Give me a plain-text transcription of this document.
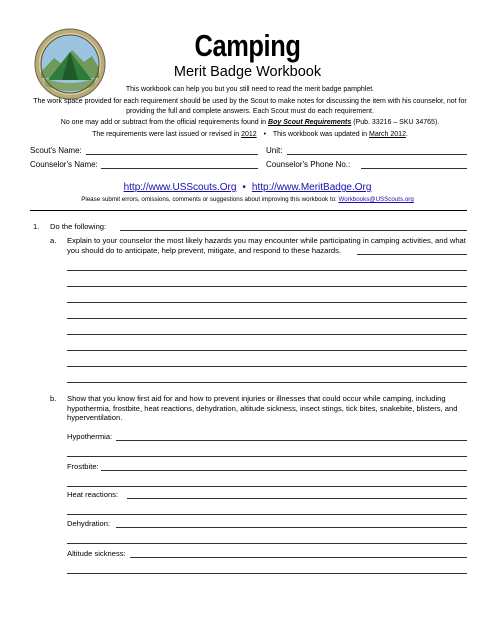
Camping
Merit Badge Workbook
This workbook can help you but you still need to read the merit badge pamphlet.
The work space provided for each requirement should be used by the Scout to make notes for discussing the item with his counselor, not for
providing the full and complete answers. Each Scout must do each requirement.
No one may add or subtract from the official requirements found in Boy Scout Requirements (Pub. 33216 – SKU 34765).
The requirements were last issued or revised in 2012 • This workbook was updated in March 2012.
Scout's Name:	Unit:
Counselor's Name:	Counselor's Phone No.:
http://www.USScouts.Org • http://www.MeritBadge.Org
Please submit errors, omissions, comments or suggestions about improving this workbook to: Workbooks@USScouts.org
1. Do the following:
a. Explain to your counselor the most likely hazards you may encounter while participating in camping activities, and what
you should do to anticipate, help prevent, mitigate, and respond to these hazards.
b. Show that you know first aid for and how to prevent injuries or illnesses that could occur while camping, including
hypothermia, frostbite, heat reactions, dehydration, altitude sickness, insect stings, tick bites, snakebite, blisters, and
hyperventilation.
Hypothermia:
Frostbite:
Heat reactions:
Dehydration:
Altitude sickness:
